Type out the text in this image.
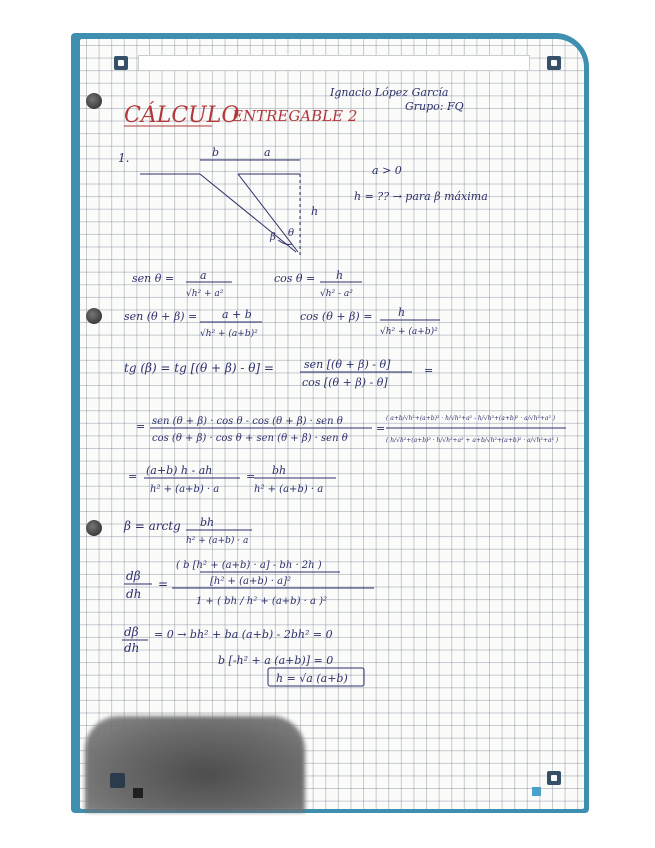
CÁLCULO
ENTREGABLE 2
Ignacio López García
Grupo: FQ
1.	b	a
h
β θ
a > 0
h = ?? → para β máxima
sen θ = a
√h² + a²
cos θ = h
√h² - a²
sen (θ + β) = a + b
√h² + (a+b)²
cos (θ + β) = h
√h² + (a+b)²
tg (β) = tg [(θ + β) - θ] =	sen [(θ + β) - θ]
cos [(θ + β) - θ]
=
= sen (θ + β) · cos θ - cos (θ + β) · sen θ
cos (θ + β) · cos θ + sen (θ + β) · sen θ
=
( a+b/√h²+(a+b)² · h/√h²+a² - h/√h²+(a+b)² · a/√h²+a² )
( h/√h²+(a+b)² · h/√h²+a² + a+b/√h²+(a+b)² · a/√h²+a² )
= (a+b) h - ah
h² + (a+b) · a
= bh
h² + (a+b) · a
β = arctg bh
h² + (a+b) · a
dβ
dh
=
( b [h² + (a+b) · a] - bh · 2h )
[h² + (a+b) · a]²
1 + ( bh / h² + (a+b) · a )²
dβ
dh
= 0 → bh² + ba (a+b) - 2bh² = 0
b [-h² + a (a+b)] = 0
h = √a (a+b)
